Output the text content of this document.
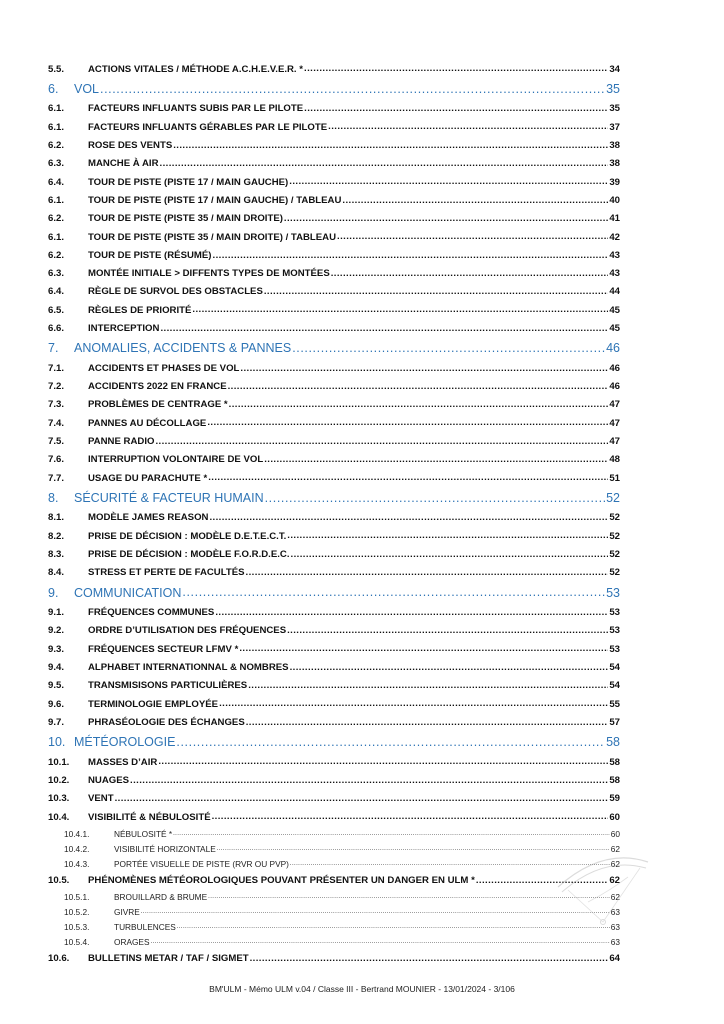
5.5.	ACTIONS VITALES / MÉTHODE A.C.H.E.V.E.R. * .....	34
6.	VOL .....	35
6.1.	FACTEURS INFLUANTS SUBIS PAR LE PILOTE .....	35
6.1.	FACTEURS INFLUANTS GÉRABLES PAR LE PILOTE .....	37
6.2.	ROSE DES VENTS .....	38
6.3.	MANCHE À AIR .....	38
6.4.	TOUR DE PISTE (PISTE 17 / MAIN GAUCHE) .....	39
6.1.	TOUR DE PISTE (PISTE 17 / MAIN GAUCHE) / TABLEAU .....	40
6.2.	TOUR DE PISTE (PISTE 35 / MAIN DROITE) .....	41
6.1.	TOUR DE PISTE (PISTE 35 / MAIN DROITE) / TABLEAU .....	42
6.2.	TOUR DE PISTE (RÉSUMÉ) .....	43
6.3.	MONTÉE INITIALE > DIFFENTS TYPES DE MONTÉES .....	43
6.4.	RÈGLE DE SURVOL DES OBSTACLES .....	44
6.5.	RÈGLES DE PRIORITÉ .....	45
6.6.	INTERCEPTION .....	45
7.	ANOMALIES, ACCIDENTS & PANNES .....	46
7.1.	ACCIDENTS ET PHASES DE VOL .....	46
7.2.	ACCIDENTS 2022 EN FRANCE .....	46
7.3.	PROBLÈMES DE CENTRAGE * .....	47
7.4.	PANNES AU DÉCOLLAGE .....	47
7.5.	PANNE RADIO .....	47
7.6.	INTERRUPTION VOLONTAIRE DE VOL .....	48
7.7.	USAGE DU PARACHUTE * .....	51
8.	SÉCURITÉ & FACTEUR HUMAIN .....	52
8.1.	MODÈLE JAMES REASON .....	52
8.2.	PRISE DE DÉCISION : MODÈLE D.E.T.E.C.T. .....	52
8.3.	PRISE DE DÉCISION : MODÈLE F.O.R.D.E.C. .....	52
8.4.	STRESS ET PERTE DE FACULTÉS .....	52
9.	COMMUNICATION .....	53
9.1.	FRÉQUENCES COMMUNES .....	53
9.2.	ORDRE D’UTILISATION DES FRÉQUENCES .....	53
9.3.	FRÉQUENCES SECTEUR LFMV * .....	53
9.4.	ALPHABET INTERNATIONNAL & NOMBRES .....	54
9.5.	TRANSMISISONS PARTICULIÈRES .....	54
9.6.	TERMINOLOGIE EMPLOYÉE .....	55
9.7.	PHRASÉOLOGIE DES ÉCHANGES .....	57
10. MÉTÉOROLOGIE .....	58
10.1.	MASSES D’AIR .....	58
10.2.	NUAGES .....	58
10.3.	VENT .....	59
10.4.	VISIBILITÉ & NÉBULOSITÉ .....	60
10.4.1.	NÉBULOSITÉ * .....	60
10.4.2.	VISIBILITÉ HORIZONTALE .....	62
10.4.3.	PORTÉE VISUELLE DE PISTE (RVR OU PVP) .....	62
10.5.	PHÉNOMÈNES MÉTÉOROLOGIQUES POUVANT PRÉSENTER UN DANGER EN ULM * .....	62
10.5.1.	BROUILLARD & BRUME .....	62
10.5.2.	GIVRE .....	63
10.5.3.	TURBULENCES .....	63
10.5.4.	ORAGES .....	63
10.6.	BULLETINS METAR / TAF / SIGMET .....	64
BM'ULM - Mémo ULM v.04 / Classe III - Bertrand MOUNIER - 13/01/2024 - 3/106
